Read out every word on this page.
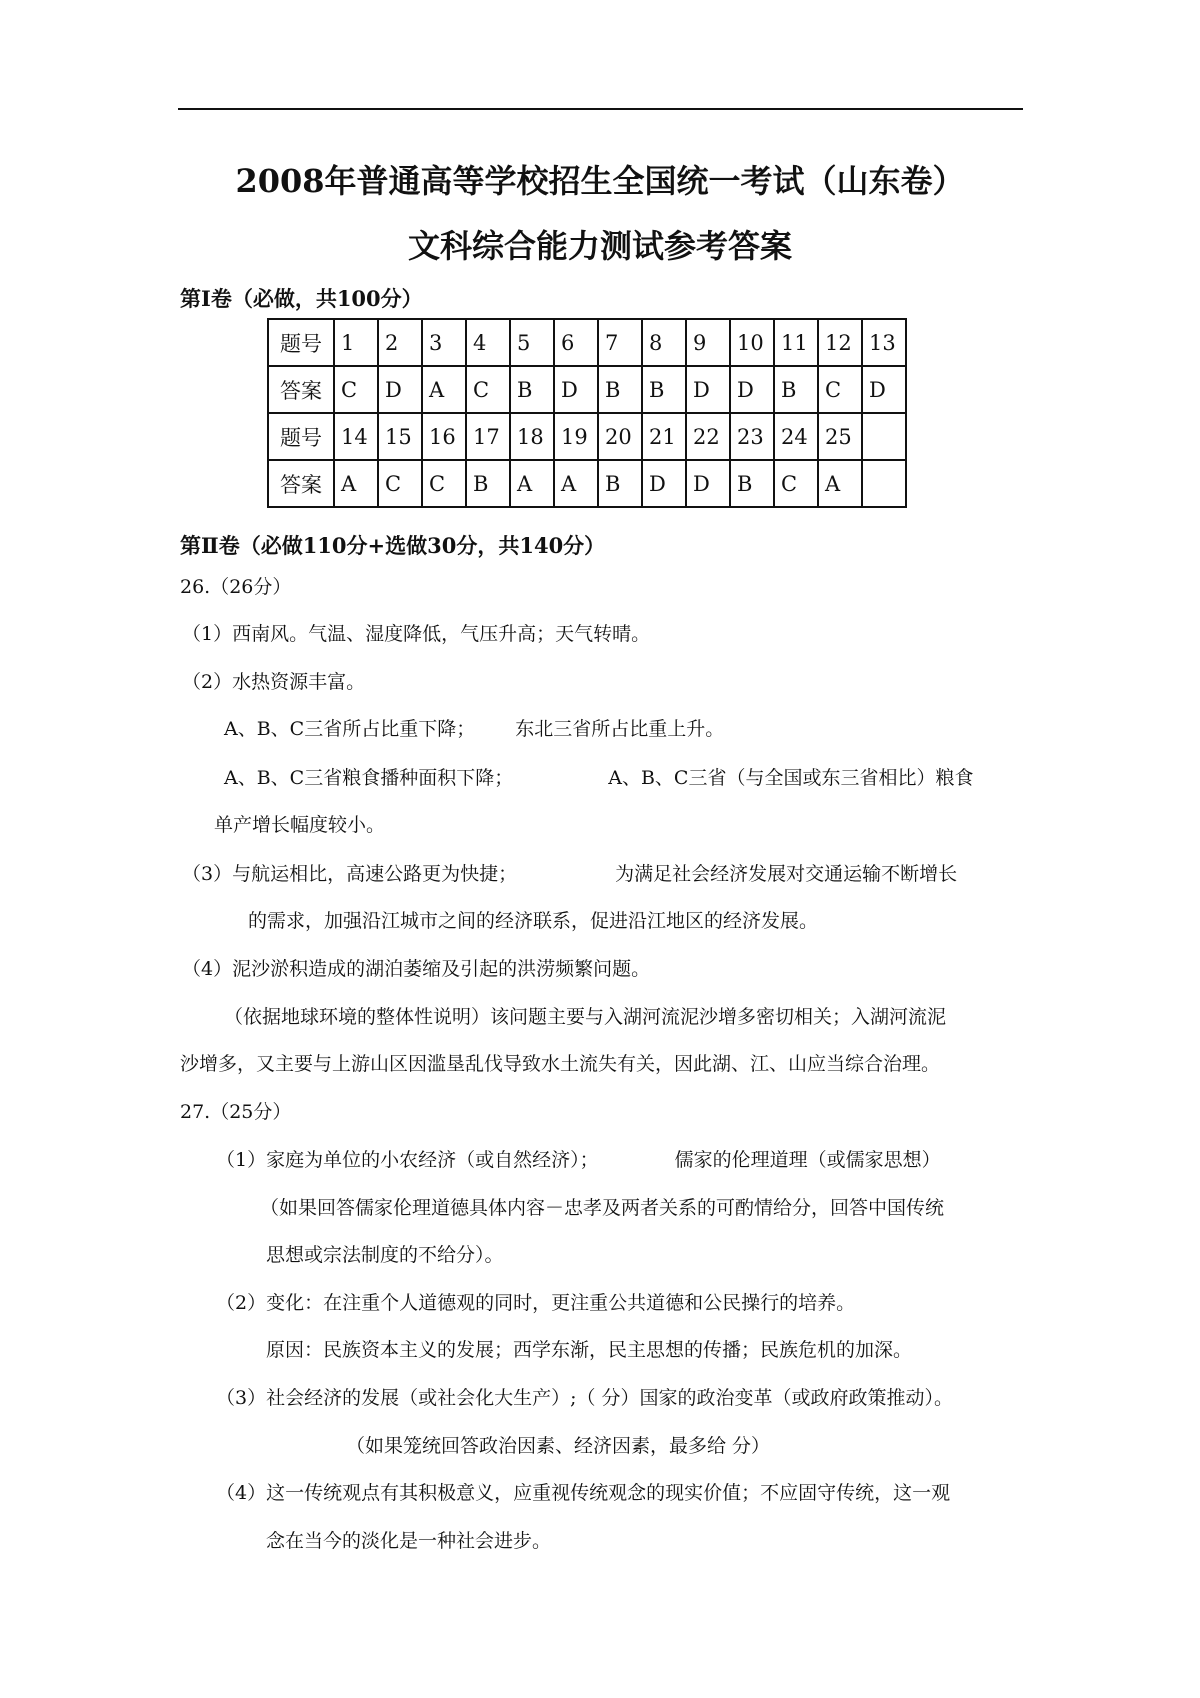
2008年普通高等学校招生全国统一考试（山东卷）
文科综合能力测试参考答案
第Ⅰ卷（必做，共100分）
题号	1	2	3	4	5	6	7	8	9	10	11	12	13
答案	C	D	A	C	B	D	B	B	D	D	B	C	D
题号	14	15	16	17	18	19	20	21	22	23	24	25	
答案	A	C	C	B	A	A	B	D	D	B	C	A	
第Ⅱ卷（必做110分+选做30分，共140分）
26.（26分）
（1）西南风。气温、湿度降低，气压升高；天气转晴。
（2）水热资源丰富。
A、B、C三省所占比重下降； 东北三省所占比重上升。
A、B、C三省粮食播种面积下降；	A、B、C三省（与全国或东三省相比）粮食
单产增长幅度较小。
（3）与航运相比，高速公路更为快捷；	为满足社会经济发展对交通运输不断增长
的需求，加强沿江城市之间的经济联系，促进沿江地区的经济发展。
（4）泥沙淤积造成的湖泊萎缩及引起的洪涝频繁问题。
（依据地球环境的整体性说明）该问题主要与入湖河流泥沙增多密切相关；入湖河流泥
沙增多，又主要与上游山区因滥垦乱伐导致水土流失有关，因此湖、江、山应当综合治理。
27.（25分）
（1）家庭为单位的小农经济（或自然经济）；	儒家的伦理道理（或儒家思想）
（如果回答儒家伦理道德具体内容－忠孝及两者关系的可酌情给分，回答中国传统
思想或宗法制度的不给分）。
（2）变化：在注重个人道德观的同时，更注重公共道德和公民操行的培养。
原因：民族资本主义的发展；西学东渐，民主思想的传播；民族危机的加深。
（3）社会经济的发展（或社会化大生产）;（ 分）国家的政治变革（或政府政策推动）。
（如果笼统回答政治因素、经济因素，最多给 分）
（4）这一传统观点有其积极意义，应重视传统观念的现实价值；不应固守传统，这一观
念在当今的淡化是一种社会进步。
